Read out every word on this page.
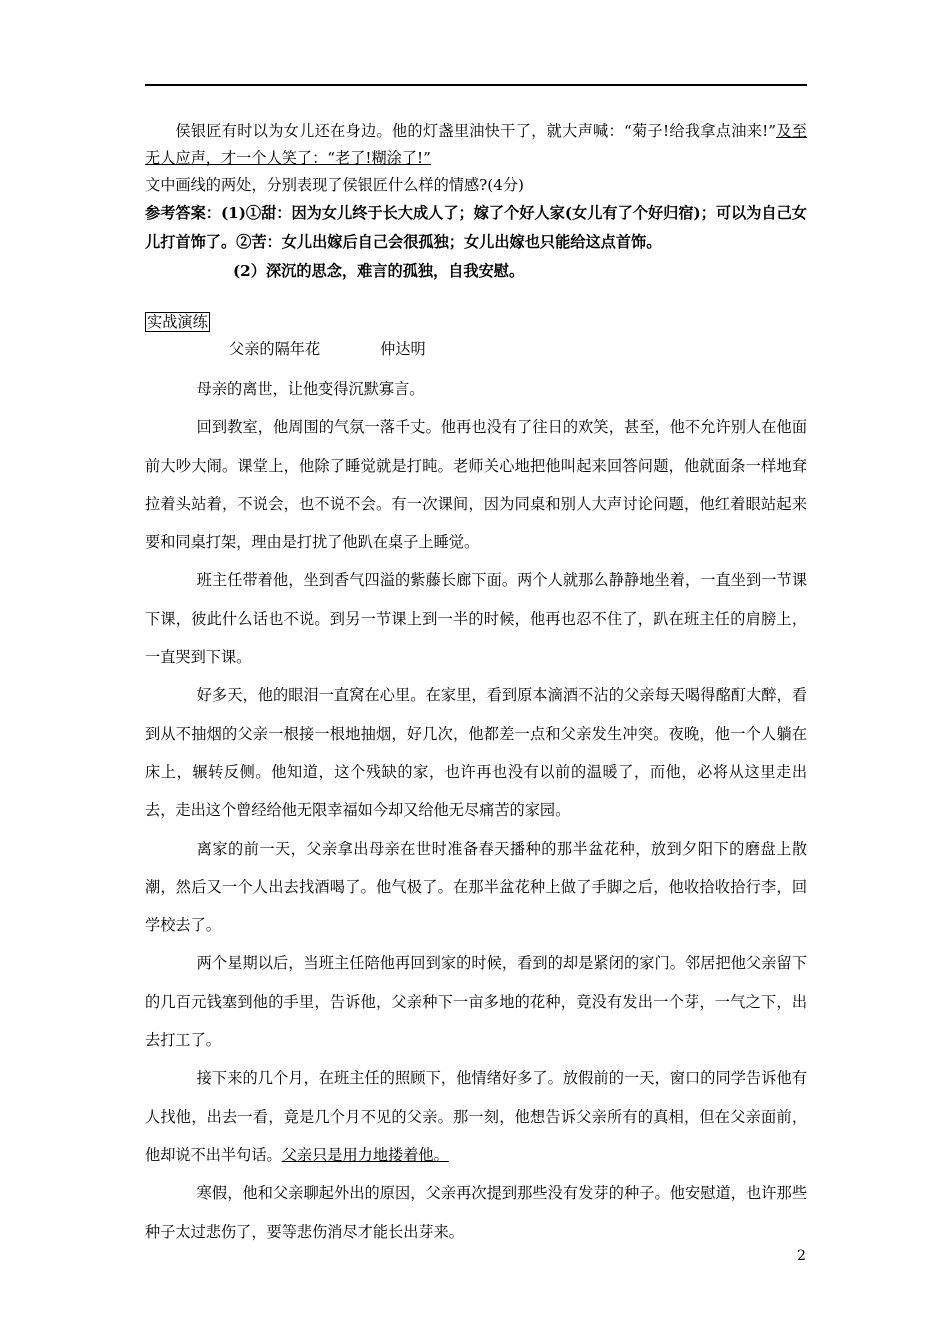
侯银匠有时以为女儿还在身边。他的灯盏里油快干了，就大声喊：“菊子!给我拿点油来!”及至无人应声，才一个人笑了：“老了!糊涂了!”

文中画线的两处，分别表现了侯银匠什么样的情感?(4分)

参考答案：(1)①甜：因为女儿终于长大成人了；嫁了个好人家(女儿有了个好归宿)；可以为自己女儿打首饰了。②苦：女儿出嫁后自己会很孤独；女儿出嫁也只能给这点首饰。

(2）深沉的思念，难言的孤独，自我安慰。

实战演练

父亲的隔年花	仲达明

母亲的离世，让他变得沉默寡言。

回到教室，他周围的气氛一落千丈。他再也没有了往日的欢笑，甚至，他不允许别人在他面前大吵大闹。课堂上，他除了睡觉就是打盹。老师关心地把他叫起来回答问题，他就面条一样地耷拉着头站着，不说会，也不说不会。有一次课间，因为同桌和别人大声讨论问题，他红着眼站起来要和同桌打架，理由是打扰了他趴在桌子上睡觉。

班主任带着他，坐到香气四溢的紫藤长廊下面。两个人就那么静静地坐着，一直坐到一节课下课，彼此什么话也不说。到另一节课上到一半的时候，他再也忍不住了，趴在班主任的肩膀上，一直哭到下课。

好多天，他的眼泪一直窝在心里。在家里，看到原本滴酒不沾的父亲每天喝得酩酊大醉，看到从不抽烟的父亲一根接一根地抽烟，好几次，他都差一点和父亲发生冲突。夜晚，他一个人躺在床上，辗转反侧。他知道，这个残缺的家，也许再也没有以前的温暖了，而他，必将从这里走出去，走出这个曾经给他无限幸福如今却又给他无尽痛苦的家园。

离家的前一天，父亲拿出母亲在世时准备春天播种的那半盆花种，放到夕阳下的磨盘上散潮，然后又一个人出去找酒喝了。他气极了。在那半盆花种上做了手脚之后，他收拾收拾行李，回学校去了。

两个星期以后，当班主任陪他再回到家的时候，看到的却是紧闭的家门。邻居把他父亲留下的几百元钱塞到他的手里，告诉他，父亲种下一亩多地的花种，竟没有发出一个芽，一气之下，出去打工了。

接下来的几个月，在班主任的照顾下，他情绪好多了。放假前的一天，窗口的同学告诉他有人找他，出去一看，竟是几个月不见的父亲。那一刻，他想告诉父亲所有的真相，但在父亲面前，他却说不出半句话。父亲只是用力地搂着他。

寒假，他和父亲聊起外出的原因，父亲再次提到那些没有发芽的种子。他安慰道，也许那些种子太过悲伤了，要等悲伤消尽才能长出芽来。

2
